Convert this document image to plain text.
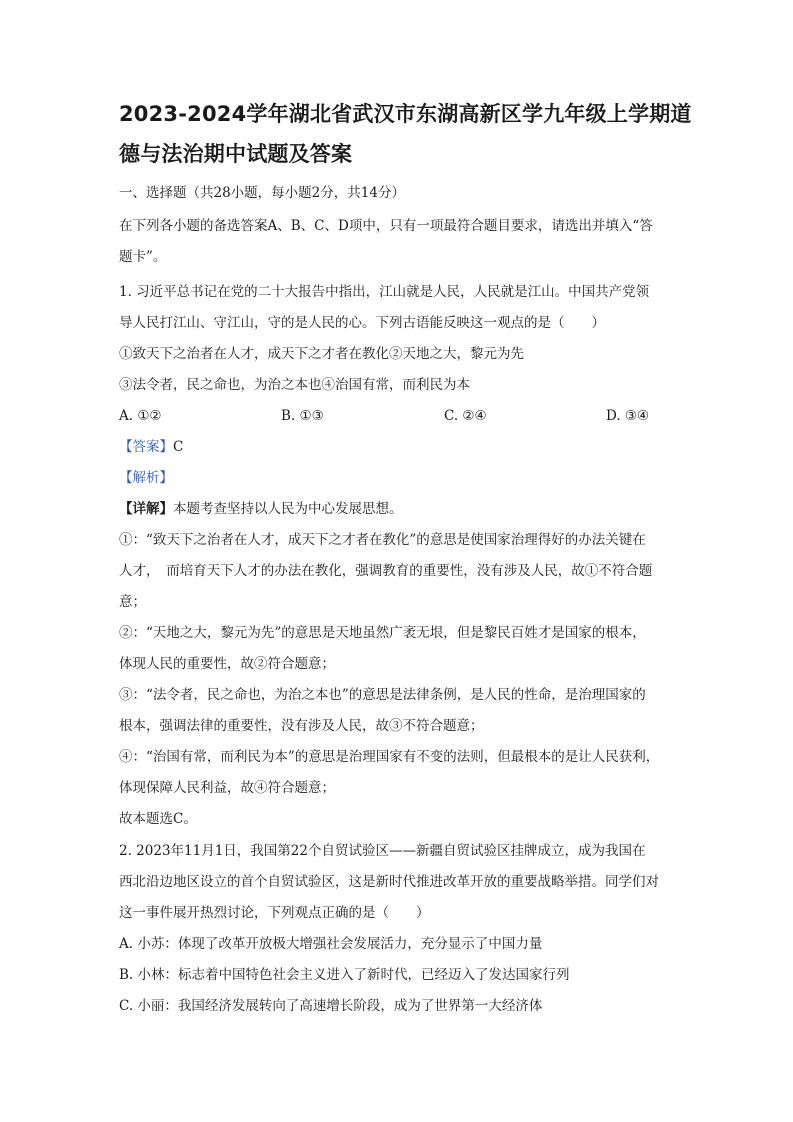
2023-2024学年湖北省武汉市东湖高新区学九年级上学期道
德与法治期中试题及答案
一、选择题（共28小题，每小题2分，共14分）
在下列各小题的备选答案A、B、C、D项中，只有一项最符合题目要求，请选出并填入“答
题卡”。
1. 习近平总书记在党的二十大报告中指出，江山就是人民，人民就是江山。中国共产党领
导人民打江山、守江山，守的是人民的心。下列古语能反映这一观点的是（　　）
①致天下之治者在人才，成天下之才者在教化②天地之大，黎元为先
③法令者，民之命也，为治之本也④治国有常，而利民为本
A. ①②	B. ①③	C. ②④	D. ③④
【答案】C
【解析】
【详解】本题考查坚持以人民为中心发展思想。
①：“致天下之治者在人才，成天下之才者在教化”的意思是使国家治理得好的办法关键在
人才，　而培育天下人才的办法在教化，强调教育的重要性，没有涉及人民，故①不符合题
意；
②：“天地之大，黎元为先”的意思是天地虽然广袤无垠，但是黎民百姓才是国家的根本，
体现人民的重要性，故②符合题意；
③：“法令者，民之命也，为治之本也”的意思是法律条例，是人民的性命，是治理国家的
根本，强调法律的重要性，没有涉及人民，故③不符合题意；
④：“治国有常，而利民为本”的意思是治理国家有不变的法则，但最根本的是让人民获利，
体现保障人民利益，故④符合题意；
故本题选C。
2. 2023年11月1日，我国第22个自贸试验区——新疆自贸试验区挂牌成立，成为我国在
西北沿边地区设立的首个自贸试验区，这是新时代推进改革开放的重要战略举措。同学们对
这一事件展开热烈讨论，下列观点正确的是（　　）
A. 小苏：体现了改革开放极大增强社会发展活力，充分显示了中国力量
B. 小林：标志着中国特色社会主义进入了新时代，已经迈入了发达国家行列
C. 小丽：我国经济发展转向了高速增长阶段，成为了世界第一大经济体
